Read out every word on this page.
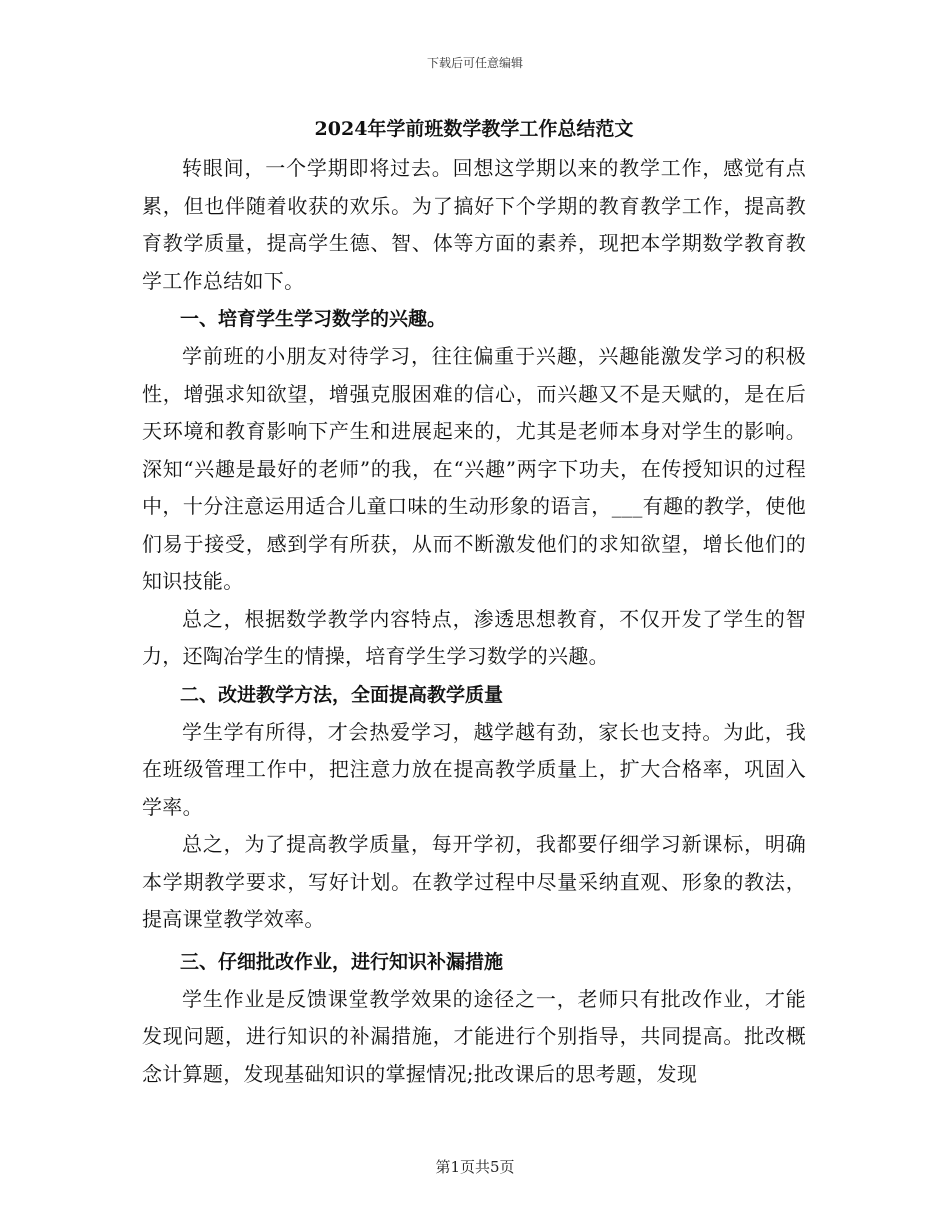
下载后可任意编辑
2024年学前班数学教学工作总结范文

转眼间，一个学期即将过去。回想这学期以来的教学工作，感觉有点累，但也伴随着收获的欢乐。为了搞好下个学期的教育教学工作，提高教育教学质量，提高学生德、智、体等方面的素养，现把本学期数学教育教学工作总结如下。

一、培育学生学习数学的兴趣。

学前班的小朋友对待学习，往往偏重于兴趣，兴趣能激发学习的积极性，增强求知欲望，增强克服困难的信心，而兴趣又不是天赋的，是在后天环境和教育影响下产生和进展起来的，尤其是老师本身对学生的影响。深知“兴趣是最好的老师”的我，在“兴趣”两字下功夫，在传授知识的过程中，十分注意运用适合儿童口味的生动形象的语言，___有趣的教学，使他们易于接受，感到学有所获，从而不断激发他们的求知欲望，增长他们的知识技能。

总之，根据数学教学内容特点，渗透思想教育，不仅开发了学生的智力，还陶冶学生的情操，培育学生学习数学的兴趣。

二、改进教学方法，全面提高教学质量

学生学有所得，才会热爱学习，越学越有劲，家长也支持。为此，我在班级管理工作中，把注意力放在提高教学质量上，扩大合格率，巩固入学率。

总之，为了提高教学质量，每开学初，我都要仔细学习新课标，明确本学期教学要求，写好计划。在教学过程中尽量采纳直观、形象的教法，提高课堂教学效率。

三、仔细批改作业，进行知识补漏措施

学生作业是反馈课堂教学效果的途径之一，老师只有批改作业，才能发现问题，进行知识的补漏措施，才能进行个别指导，共同提高。批改概念计算题，发现基础知识的掌握情况;批改课后的思考题，发现

第1页共5页
